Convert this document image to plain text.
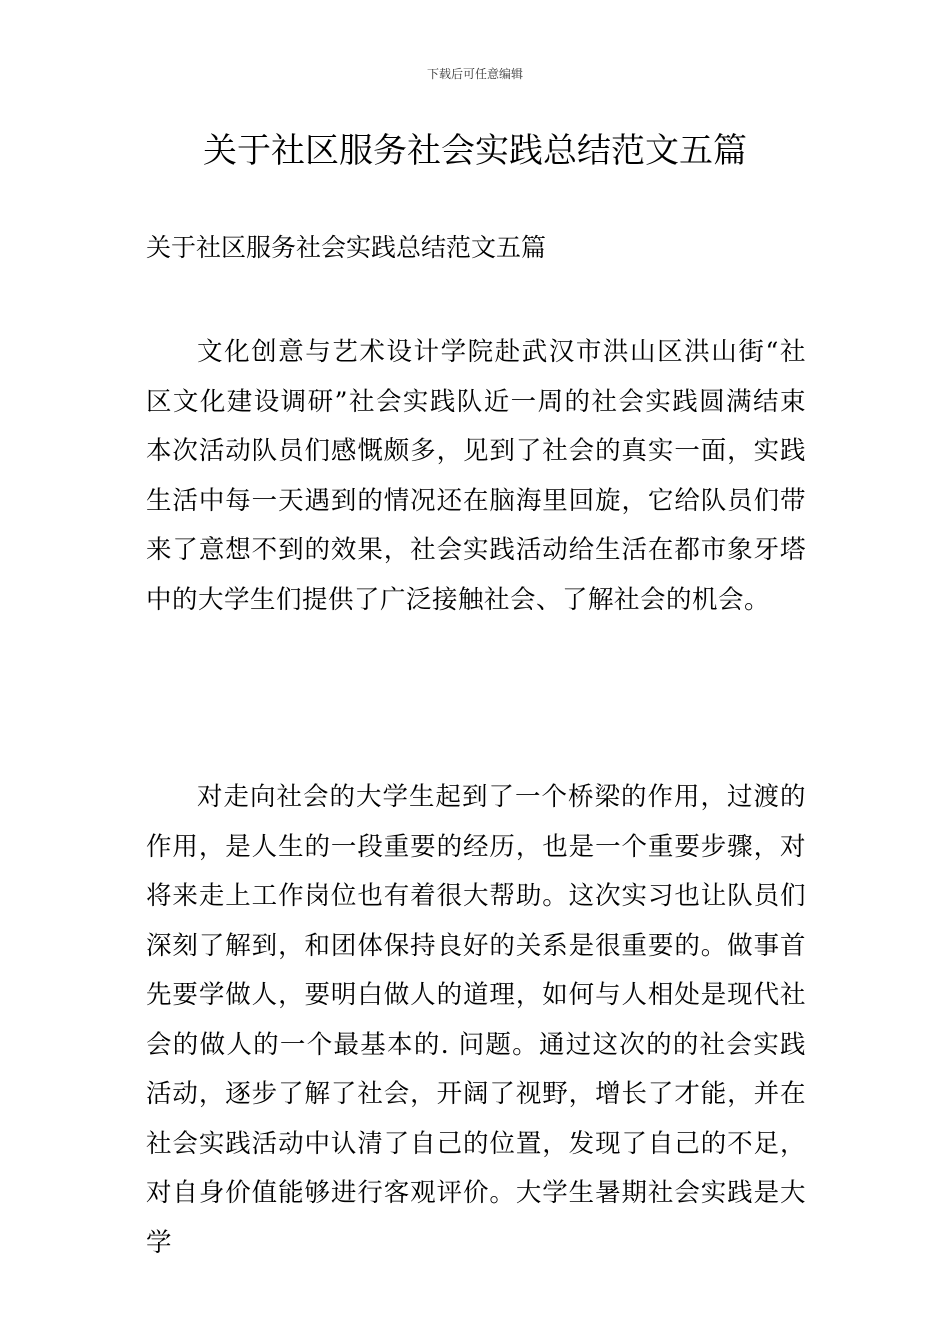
下载后可任意编辑
关于社区服务社会实践总结范文五篇

关于社区服务社会实践总结范文五篇

文化创意与艺术设计学院赴武汉市洪山区洪山街“社区文化建设调研”社会实践队近一周的社会实践圆满结束本次活动队员们感慨颇多，见到了社会的真实一面，实践生活中每一天遇到的情况还在脑海里回旋，它给队员们带来了意想不到的效果，社会实践活动给生活在都市象牙塔中的大学生们提供了广泛接触社会、了解社会的机会。

对走向社会的大学生起到了一个桥梁的作用，过渡的作用，是人生的一段重要的经历，也是一个重要步骤，对将来走上工作岗位也有着很大帮助。这次实习也让队员们深刻了解到，和团体保持良好的关系是很重要的。做事首先要学做人，要明白做人的道理，如何与人相处是现代社会的做人的一个最基本的. 问题。通过这次的的社会实践活动，逐步了解了社会，开阔了视野，增长了才能，并在社会实践活动中认清了自己的位置，发现了自己的不足，对自身价值能够进行客观评价。大学生暑期社会实践是大学
